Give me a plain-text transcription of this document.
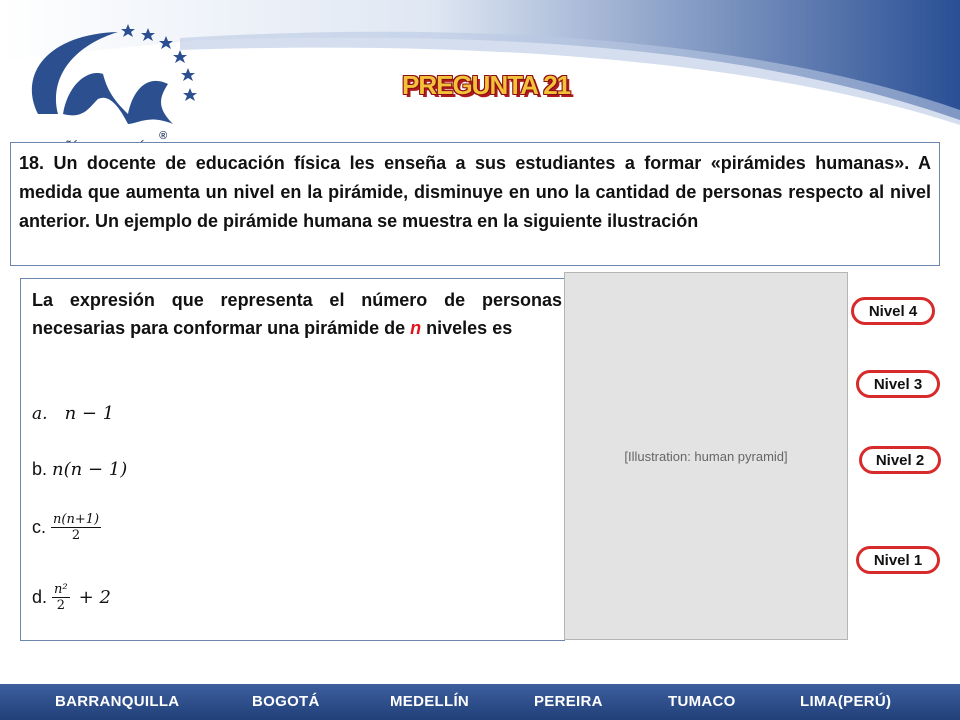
®
PREGUNTA 21
18. Un docente de educación física les enseña a sus estudiantes a formar «pirámides humanas». A medida que aumenta un nivel en la pirámide, disminuye en uno la cantidad de personas respecto al nivel anterior. Un ejemplo de pirámide humana se muestra en la siguiente ilustración
La expresión que representa el número de personas necesarias para conformar una pirámide de n niveles es
a. n − 1
b. n(n − 1)
c. $\frac{n(n+1)}{2}$
d. $\frac{\text{n²}}{2} + 2$
[Illustration: human pyramid]
Nivel 4
Nivel 3
Nivel 2
Nivel 1
BARRANQUILLA	BOGOTÁ	MEDELLÍN	PEREIRA	TUMACO	LIMA(PERÚ)
